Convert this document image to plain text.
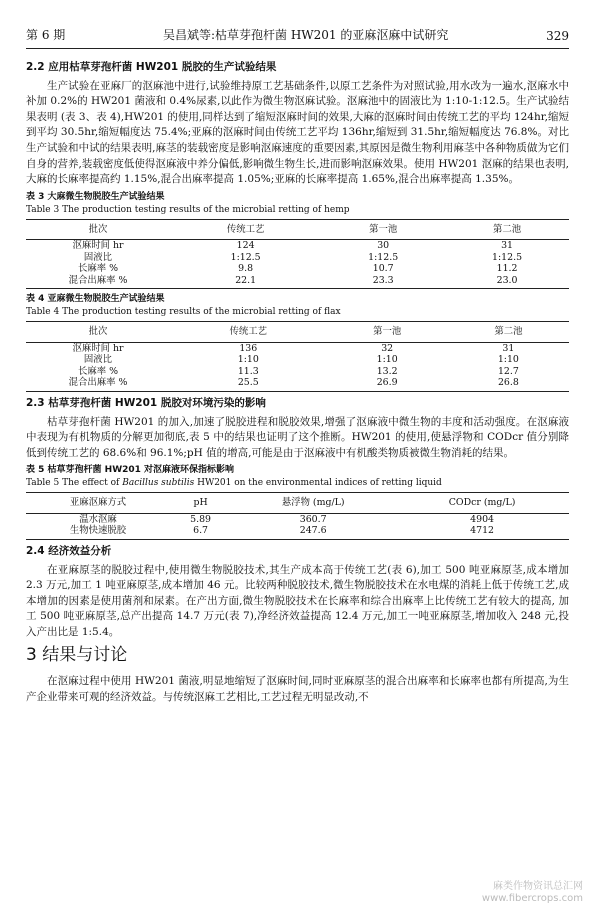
第 6 期	吴昌斌等:枯草芽孢杆菌 HW201 的亚麻沤麻中试研究	329
2.2 应用枯草芽孢杆菌 HW201 脱胶的生产试验结果

生产试验在亚麻厂的沤麻池中进行,试验维持原工艺基础条件,以原工艺条件为对照试验,用水改为一遍水,沤麻水中补加 0.2%的 HW201 菌液和 0.4%尿素,以此作为微生物沤麻试验。沤麻池中的固液比为 1:10-1:12.5。生产试验结果表明 (表 3、表 4),HW201 的使用,同样达到了缩短沤麻时间的效果,大麻的沤麻时间由传统工艺的平均 124hr,缩短到平均 30.5hr,缩短幅度达 75.4%;亚麻的沤麻时间由传统工艺平均 136hr,缩短到 31.5hr,缩短幅度达 76.8%。对比生产试验和中试的结果表明,麻茎的装载密度是影响沤麻速度的重要因素,其原因是微生物利用麻茎中各种物质做为它们自身的营养,装载密度低使得沤麻液中养分偏低,影响微生物生长,进而影响沤麻效果。使用 HW201 沤麻的结果也表明,大麻的长麻率提高约 1.15%,混合出麻率提高 1.05%;亚麻的长麻率提高 1.65%,混合出麻率提高 1.35%。

表 3 大麻微生物脱胶生产试验结果
Table 3 The production testing results of the microbial retting of hemp
批次	传统工艺	第一池	第二池
沤麻时间 hr	124	30	31
固液比	1:12.5	1:12.5	1:12.5
长麻率 %	9.8	10.7	11.2
混合出麻率 %	22.1	23.3	23.0
表 4 亚麻微生物脱胶生产试验结果
Table 4 The production testing results of the microbial retting of flax
批次	传统工艺	第一池	第二池
沤麻时间 hr	136	32	31
固液比	1:10	1:10	1:10
长麻率 %	11.3	13.2	12.7
混合出麻率 %	25.5	26.9	26.8
2.3 枯草芽孢杆菌 HW201 脱胶对环境污染的影响

枯草芽孢杆菌 HW201 的加入,加速了脱胶进程和脱胶效果,增强了沤麻液中微生物的丰度和活动强度。在沤麻液中表现为有机物质的分解更加彻底,表 5 中的结果也证明了这个推断。HW201 的使用,使悬浮物和 CODcr 值分别降低到传统工艺的 68.6%和 96.1%;pH 值的增高,可能是由于沤麻液中有机酸类物质被微生物消耗的结果。

表 5 枯草芽孢杆菌 HW201 对沤麻液环保指标影响
Table 5 The effect of Bacillus subtilis HW201 on the environmental indices of retting liquid
亚麻沤麻方式	pH	悬浮物 (mg/L)	CODcr (mg/L)
温水沤麻	5.89	360.7	4904
生物快速脱胶	6.7	247.6	4712
2.4 经济效益分析

在亚麻原茎的脱胶过程中,使用微生物脱胶技术,其生产成本高于传统工艺(表 6),加工 500 吨亚麻原茎,成本增加 2.3 万元,加工 1 吨亚麻原茎,成本增加 46 元。比较两种脱胶技术,微生物脱胶技术在水电煤的消耗上低于传统工艺,成本增加的因素是使用菌剂和尿素。在产出方面,微生物脱胶技术在长麻率和综合出麻率上比传统工艺有较大的提高, 加工 500 吨亚麻原茎,总产出提高 14.7 万元(表 7),净经济效益提高 12.4 万元,加工一吨亚麻原茎,增加收入 248 元,投入产出比是 1:5.4。

3 结果与讨论

在沤麻过程中使用 HW201 菌液,明显地缩短了沤麻时间,同时亚麻原茎的混合出麻率和长麻率也都有所提高,为生产企业带来可观的经济效益。与传统沤麻工艺相比,工艺过程无明显改动,不

麻类作物资讯总汇网
www.fibercrops.com
